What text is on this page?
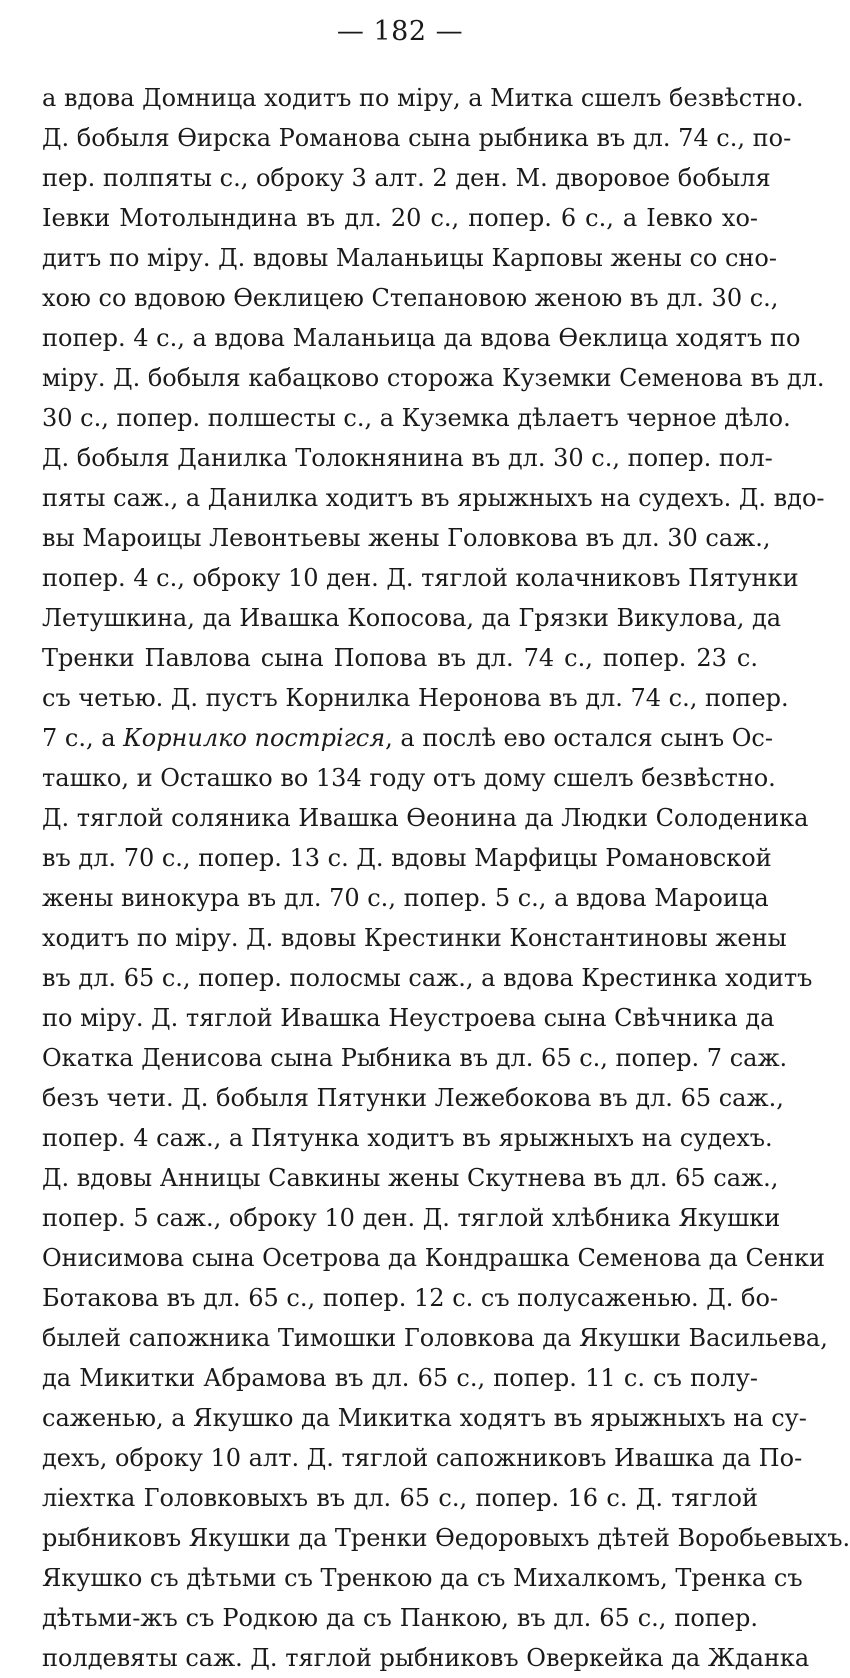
— 182 —
а вдова Домница ходитъ по міру, а Митка сшелъ безвѣстно.
Д. бобыля Өирска Романова сына рыбника въ дл. 74 с., по-
пер. полпяты с., оброку 3 алт. 2 ден. М. дворовое бобыля
Іевки Мотолындина въ дл. 20 с., попер. 6 с., а Іевко хо-
дитъ по міру. Д. вдовы Маланьицы Карповы жены со сно-
хою со вдовою Өеклицею Степановою женою въ дл. 30 с.,
попер. 4 с., а вдова Маланьица да вдова Өеклица ходятъ по
міру. Д. бобыля кабацково сторожа Куземки Семенова въ дл.
30 с., попер. полшесты с., а Куземка дѣлаетъ черное дѣло.
Д. бобыля Данилка Толокнянина въ дл. 30 с., попер. пол-
пяты саж., а Данилка ходитъ въ ярыжныхъ на судехъ. Д. вдо-
вы Мароицы Левонтьевы жены Головкова въ дл. 30 саж.,
попер. 4 с., оброку 10 ден. Д. тяглой колачниковъ Пятунки
Летушкина, да Ивашка Копосова, да Грязки Викулова, да
Тренки Павлова сына Попова въ дл. 74 с., попер. 23 с.
съ четью. Д. пустъ Корнилка Неронова въ дл. 74 с., попер.
7 с., а Корнилко пострігся, а послѣ ево остался сынъ Ос-
ташко, и Осташко во 134 году отъ дому сшелъ безвѣстно.
Д. тяглой соляника Ивашка Өеонина да Людки Солоденика
въ дл. 70 с., попер. 13 с. Д. вдовы Марфицы Романовской
жены винокура въ дл. 70 с., попер. 5 с., а вдова Мароица
ходитъ по міру. Д. вдовы Крестинки Константиновы жены
въ дл. 65 с., попер. полосмы саж., а вдова Крестинка ходитъ
по міру. Д. тяглой Ивашка Неустроева сына Свѣчника да
Окатка Денисова сына Рыбника въ дл. 65 с., попер. 7 саж.
безъ чети. Д. бобыля Пятунки Лежебокова въ дл. 65 саж.,
попер. 4 саж., а Пятунка ходитъ въ ярыжныхъ на судехъ.
Д. вдовы Анницы Савкины жены Скутнева въ дл. 65 саж.,
попер. 5 саж., оброку 10 ден. Д. тяглой хлѣбника Якушки
Онисимова сына Осетрова да Кондрашка Семенова да Сенки
Ботакова въ дл. 65 с., попер. 12 с. съ полусаженью. Д. бо-
былей сапожника Тимошки Головкова да Якушки Васильева,
да Микитки Абрамова въ дл. 65 с., попер. 11 с. съ полу-
саженью, а Якушко да Микитка ходятъ въ ярыжныхъ на су-
дехъ, оброку 10 алт. Д. тяглой сапожниковъ Ивашка да По-
ліехтка Головковыхъ въ дл. 65 с., попер. 16 с. Д. тяглой
рыбниковъ Якушки да Тренки Өедоровыхъ дѣтей Воробьевыхъ.
Якушко съ дѣтьми съ Тренкою да съ Михалкомъ, Тренка съ
дѣтьми-жъ съ Родкою да съ Панкою, въ дл. 65 с., попер.
полдевяты саж. Д. тяглой рыбниковъ Оверкейка да Жданка
